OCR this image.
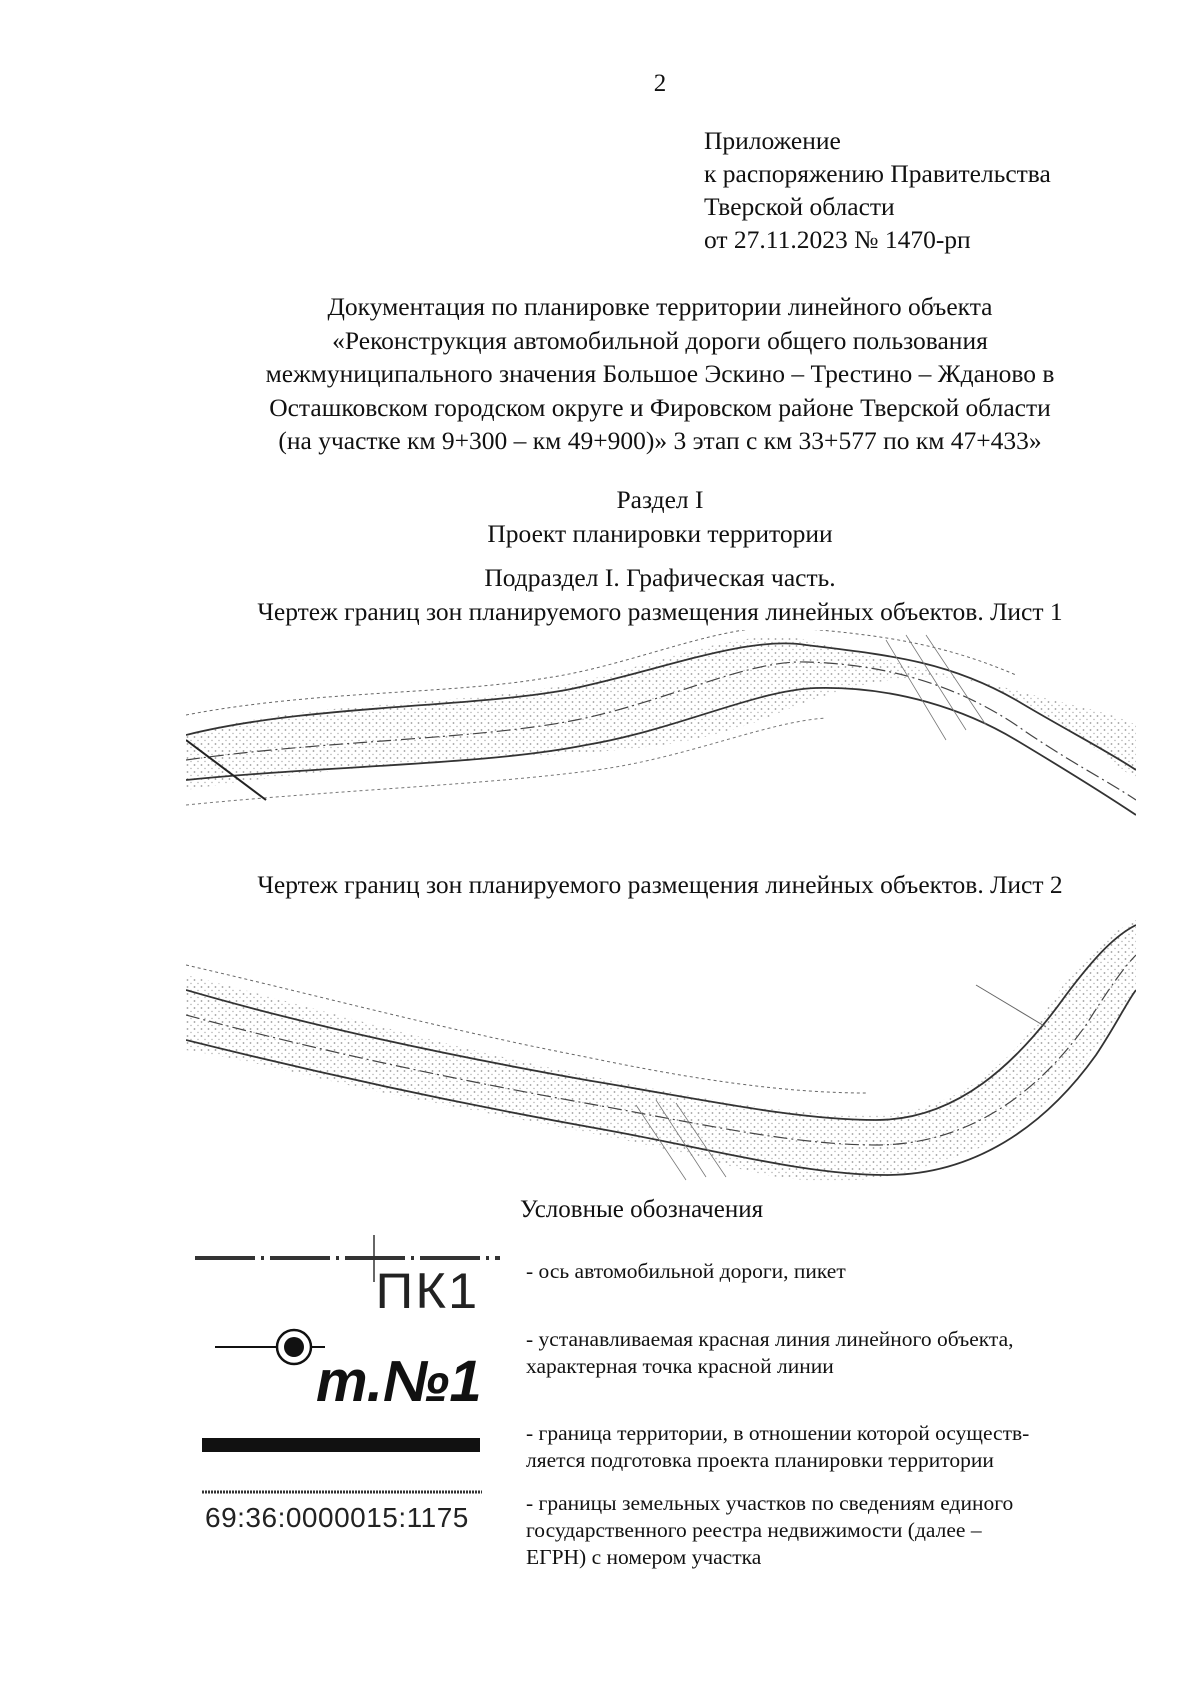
2
Приложение
к распоряжению Правительства
Тверской области
от 27.11.2023 № 1470-рп
Документация по планировке территории линейного объекта
«Реконструкция автомобильной дороги общего пользования
межмуниципального значения Большое Эскино – Трестино – Жданово в
Осташковском городском округе и Фировском районе Тверской области
(на участке км 9+300 – км 49+900)» 3 этап с км 33+577 по км 47+433»
Раздел I
Проект планировки территории
Подраздел I. Графическая часть.
Чертеж границ зон планируемого размещения линейных объектов. Лист 1
Чертеж границ зон планируемого размещения линейных объектов. Лист 2
Условные обозначения
ПК1 - ось автомобильной дороги, пикет
т.№1
- устанавливаемая красная линия линейного объекта,
характерная точка красной линии
- граница территории, в отношении которой осуществ-
ляется подготовка проекта планировки территории
69:36:0000015:1175	- границы земельных участков по сведениям единого
государственного реестра недвижимости (далее –
ЕГРН) с номером участка
